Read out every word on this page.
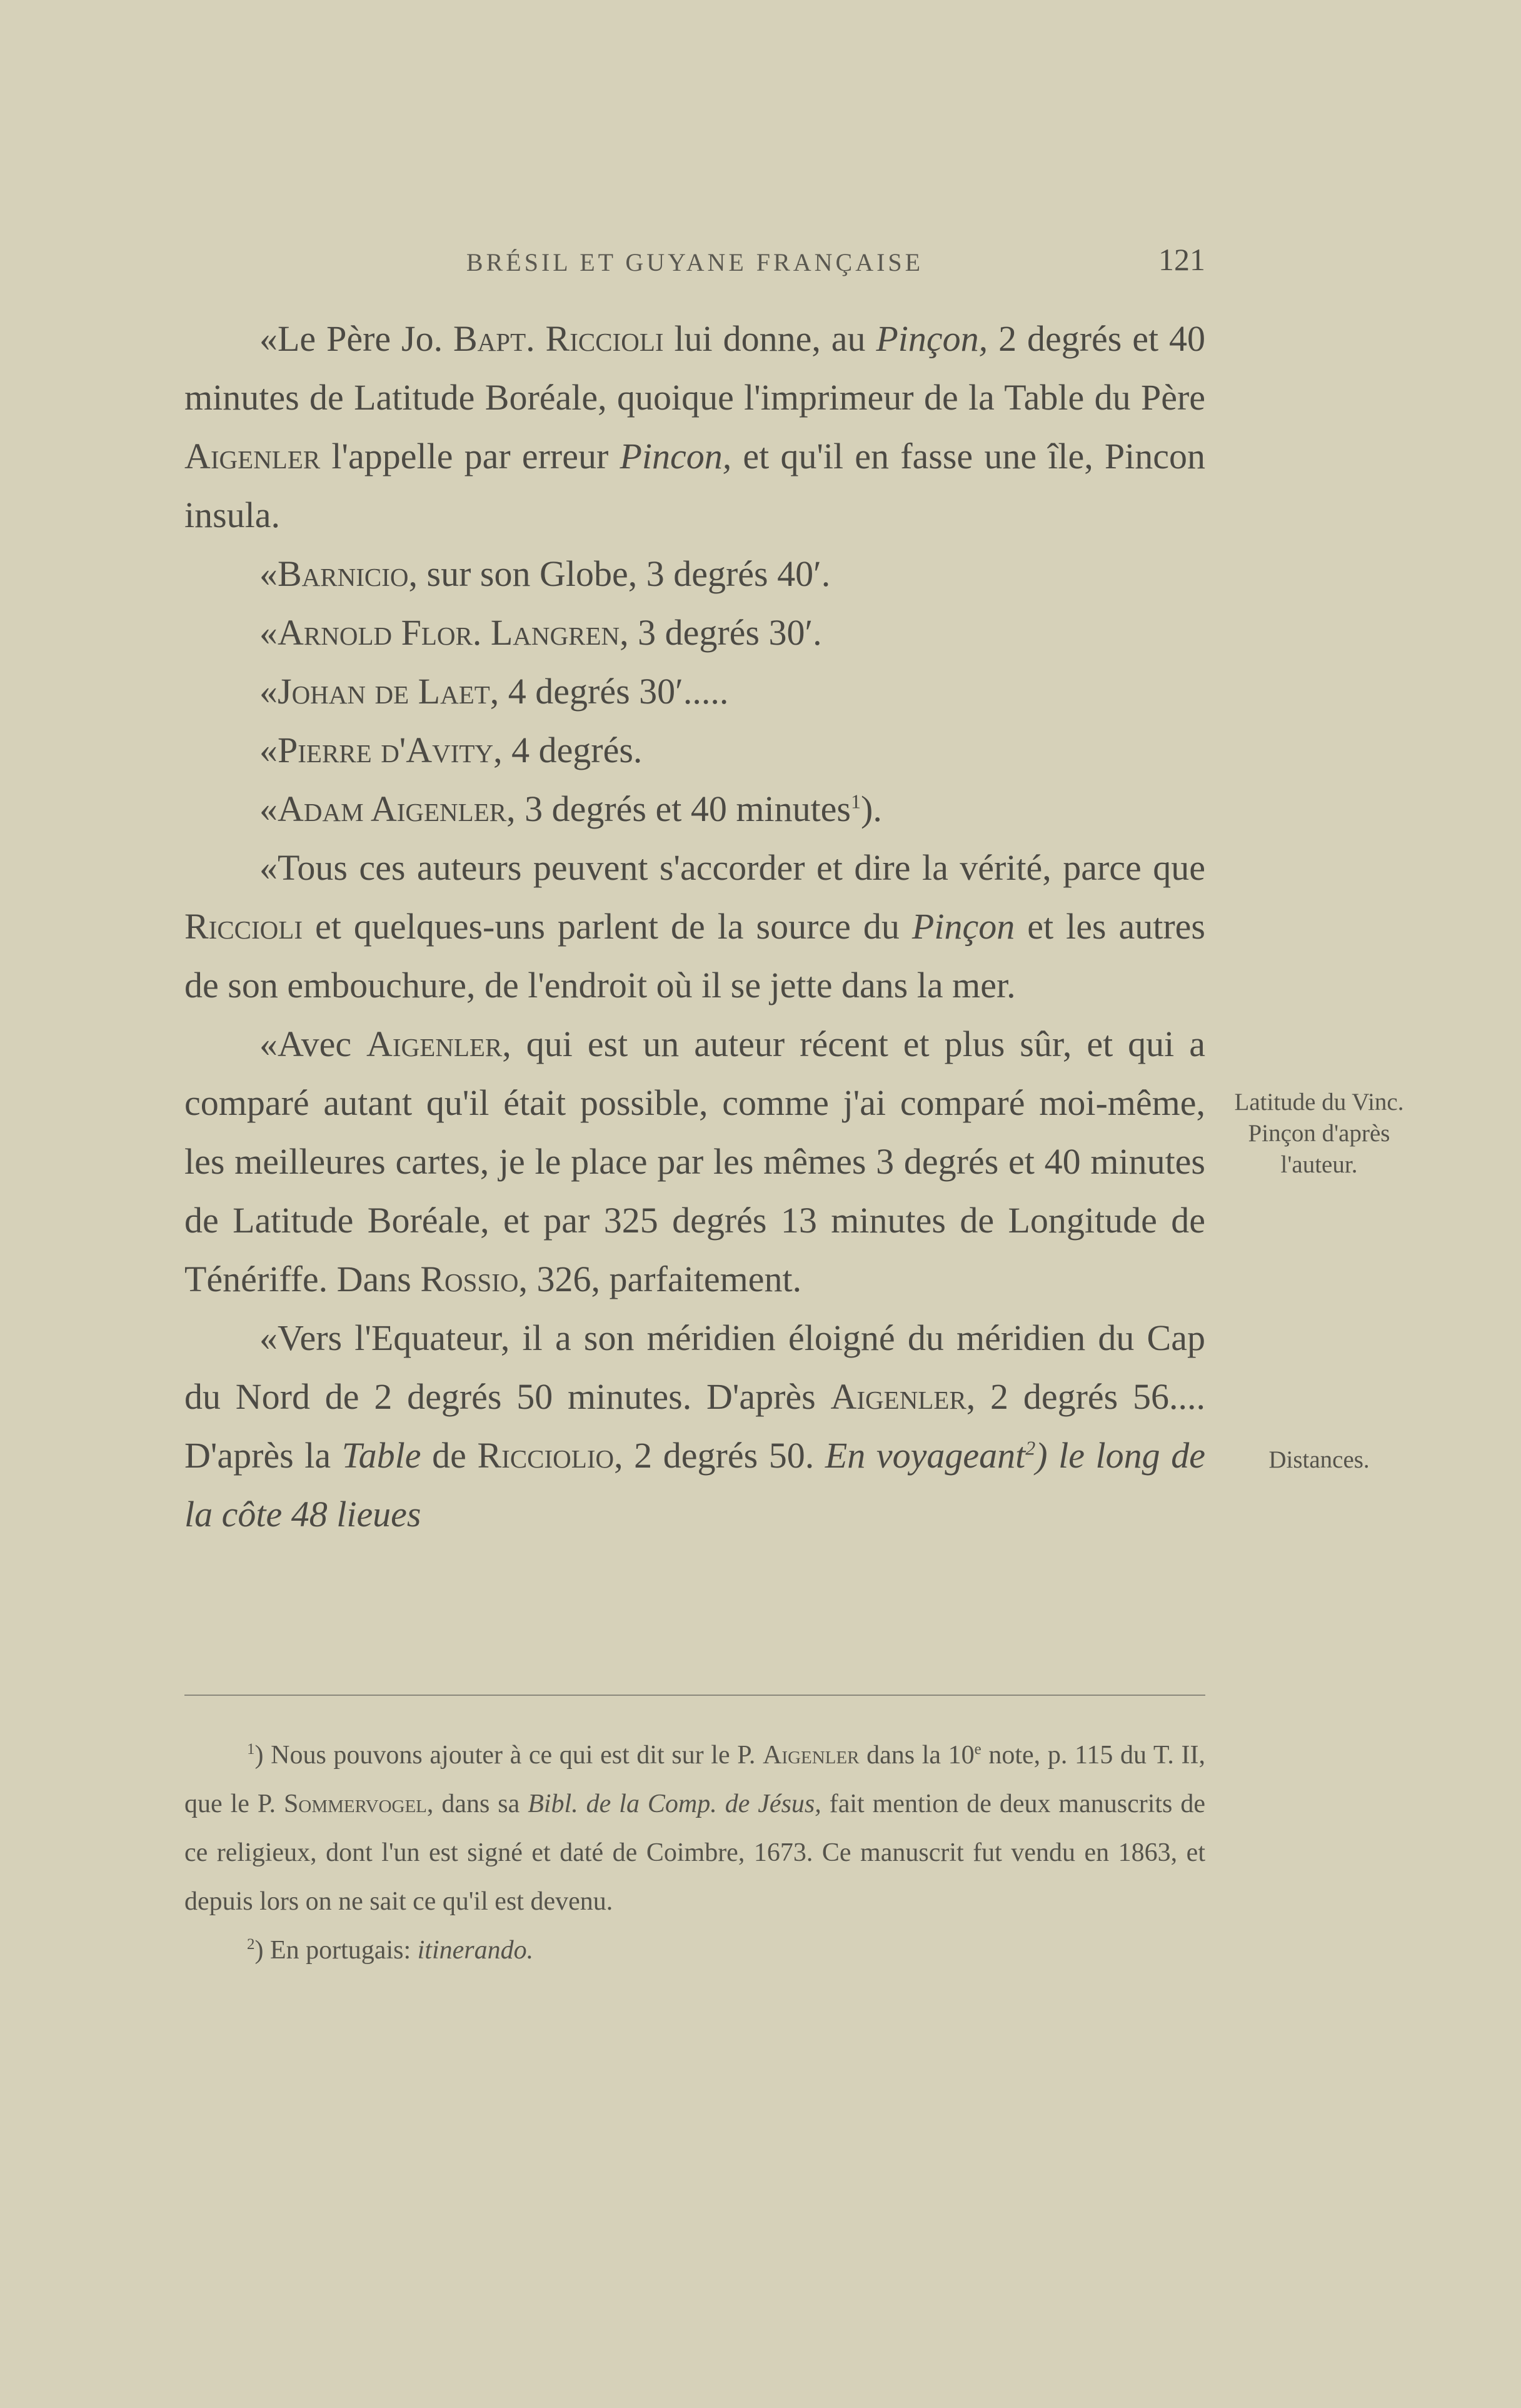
BRÉSIL ET GUYANE FRANÇAISE	121

«Le Père Jo. Bapt. Riccioli lui donne, au Pinçon, 2 degrés et 40 minutes de Latitude Boréale, quoique l'imprimeur de la Table du Père Aigenler l'appelle par erreur Pincon, et qu'il en fasse une île, Pincon insula.

«Barnicio, sur son Globe, 3 degrés 40′.

«Arnold Flor. Langren, 3 degrés 30′.

«Johan de Laet, 4 degrés 30′.....

«Pierre d'Avity, 4 degrés.

«Adam Aigenler, 3 degrés et 40 minutes$^1$).

«Tous ces auteurs peuvent s'accorder et dire la vérité, parce que Riccioli et quelques-uns parlent de la source du Pinçon et les autres de son embouchure, de l'endroit où il se jette dans la mer.

«Avec Aigenler, qui est un auteur récent et plus sûr, et qui a comparé autant qu'il était possible, comme j'ai comparé moi-même, les meilleures cartes, je le place par les mêmes 3 degrés et 40 minutes de Latitude Boréale, et par 325 degrés 13 minutes de Longitude de Ténériffe. Dans Rossio, 326, parfaitement.

«Vers l'Equateur, il a son méridien éloigné du méridien du Cap du Nord de 2 degrés 50 minutes. D'après Aigenler, 2 degrés 56.... D'après la Table de Ricciolio, 2 degrés 50. En voyageant$^2$) le long de la côte 48 lieues

Latitude du Vinc. Pinçon d'après l'auteur.
Distances.

$^1$) Nous pouvons ajouter à ce qui est dit sur le P. Aigenler dans la 10e note, p. 115 du T. II, que le P. Sommervogel, dans sa Bibl. de la Comp. de Jésus, fait mention de deux manuscrits de ce religieux, dont l'un est signé et daté de Coimbre, 1673. Ce manuscrit fut vendu en 1863, et depuis lors on ne sait ce qu'il est devenu.

$^2$) En portugais: itinerando.
